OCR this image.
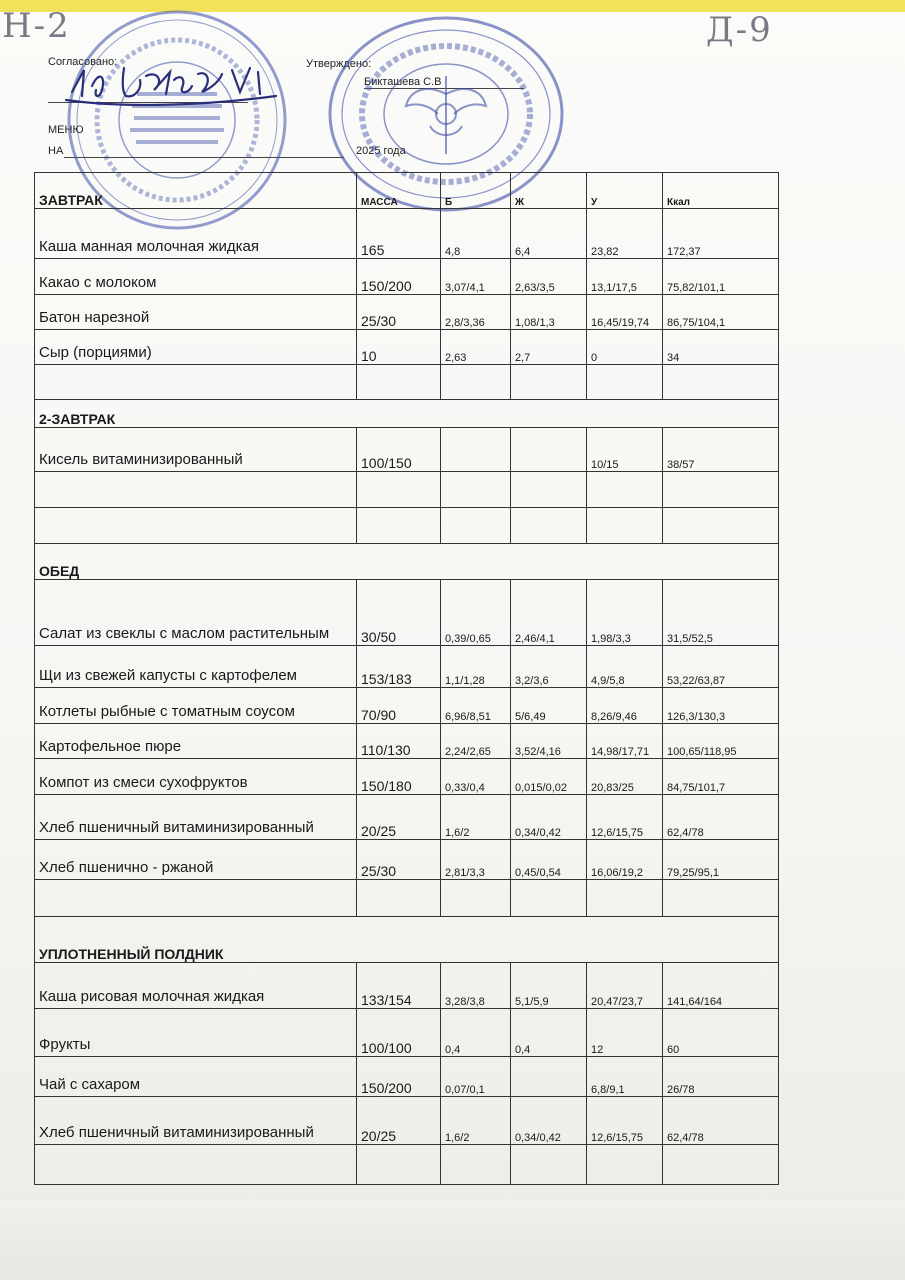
Н-2	Д-9
Согласовано:	Утверждено:
Бикташева С.В
МЕНЮ
НА	2025 года
ЗАВТРАК	МАССА	Б	Ж	У	Ккал
Каша манная молочная жидкая	165	4,8	6,4	23,82	172,37
Какао с молоком	150/200	3,07/4,1	2,63/3,5	13,1/17,5	75,82/101,1
Батон нарезной	25/30	2,8/3,36	1,08/1,3	16,45/19,74	86,75/104,1
Сыр (порциями)	10	2,63	2,7	0	34

2-ЗАВТРАК					
Кисель витаминизированный	100/150			10/15	38/57

ОБЕД					
Салат из свеклы с маслом растительным	30/50	0,39/0,65	2,46/4,1	1,98/3,3	31,5/52,5
Щи из свежей капусты с картофелем	153/183	1,1/1,28	3,2/3,6	4,9/5,8	53,22/63,87
Котлеты рыбные с томатным соусом	70/90	6,96/8,51	5/6,49	8,26/9,46	126,3/130,3
Картофельное пюре	110/130	2,24/2,65	3,52/4,16	14,98/17,71	100,65/118,95
Компот из смеси сухофруктов	150/180	0,33/0,4	0,015/0,02	20,83/25	84,75/101,7
Хлеб пшеничный витаминизированный	20/25	1,6/2	0,34/0,42	12,6/15,75	62,4/78
Хлеб пшенично - ржаной	25/30	2,81/3,3	0,45/0,54	16,06/19,2	79,25/95,1

УПЛОТНЕННЫЙ ПОЛДНИК					
Каша рисовая молочная жидкая	133/154	3,28/3,8	5,1/5,9	20,47/23,7	141,64/164
Фрукты	100/100	0,4	0,4	12	60
Чай с сахаром	150/200	0,07/0,1		6,8/9,1	26/78
Хлеб пшеничный витаминизированный	20/25	1,6/2	0,34/0,42	12,6/15,75	62,4/78
